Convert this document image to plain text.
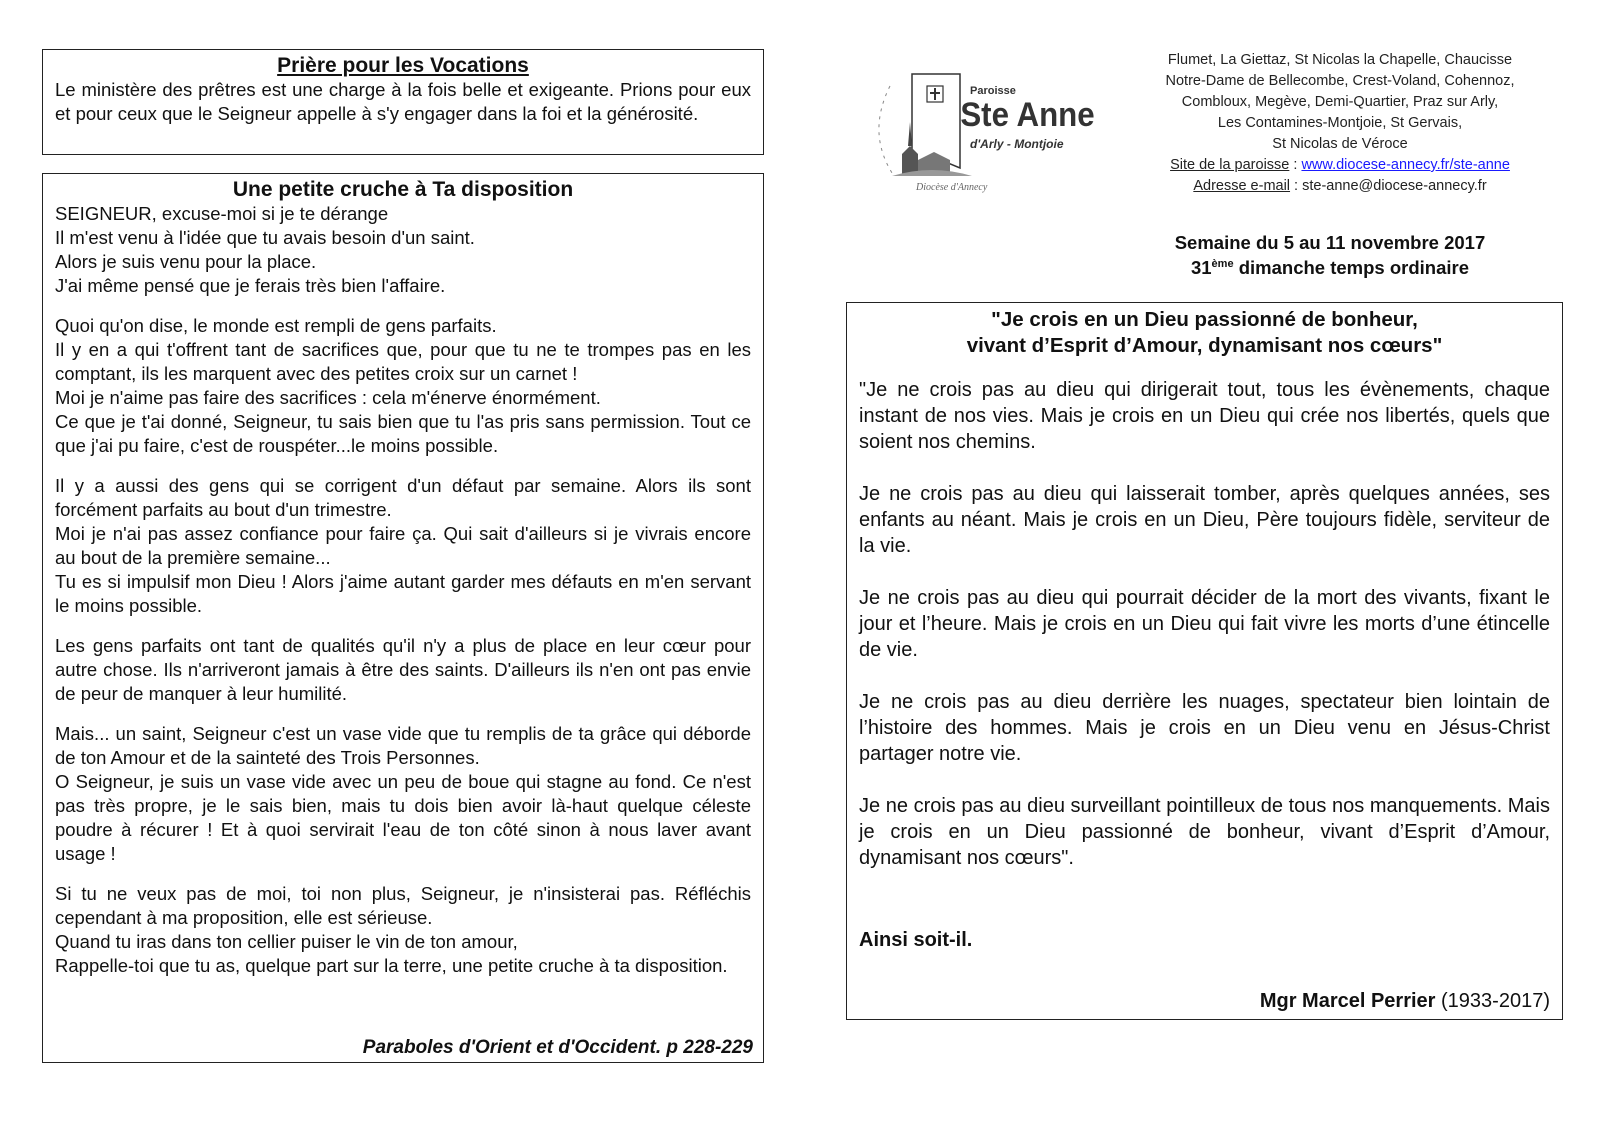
Prière pour les Vocations
Le ministère des prêtres est une charge à la fois belle et exigeante. Prions pour eux et pour ceux que le Seigneur appelle à s'y engager dans la foi et la générosité.
Une petite cruche à Ta disposition
SEIGNEUR, excuse-moi si je te dérange
Il m'est venu à l'idée que tu avais besoin d'un saint.
Alors je suis venu pour la place.
J'ai même pensé que je ferais très bien l'affaire.
Quoi qu'on dise, le monde est rempli de gens parfaits.
Il y en a qui t'offrent tant de sacrifices que, pour que tu ne te trompes pas en les comptant, ils les marquent avec des petites croix sur un carnet !
Moi je n'aime pas faire des sacrifices : cela m'énerve énormément.
Ce que je t'ai donné, Seigneur, tu sais bien que tu l'as pris sans permission. Tout ce que j'ai pu faire, c'est de rouspéter...le moins possible.
Il y a aussi des gens qui se corrigent d'un défaut par semaine. Alors ils sont forcément parfaits au bout d'un trimestre.
Moi je n'ai pas assez confiance pour faire ça. Qui sait d'ailleurs si je vivrais encore au bout de la première semaine...
Tu es si impulsif mon Dieu ! Alors j'aime autant garder mes défauts en m'en servant le moins possible.
Les gens parfaits ont tant de qualités qu'il n'y a plus de place en leur cœur pour autre chose. Ils n'arriveront jamais à être des saints. D'ailleurs ils n'en ont pas envie de peur de manquer à leur humilité.
Mais... un saint, Seigneur c'est un vase vide que tu remplis de ta grâce qui déborde de ton Amour et de la sainteté des Trois Personnes.
O Seigneur, je suis un vase vide avec un peu de boue qui stagne au fond. Ce n'est pas très propre, je le sais bien, mais tu dois bien avoir là-haut quelque céleste poudre à récurer ! Et à quoi servirait l'eau de ton côté sinon à nous laver avant usage !
Si tu ne veux pas de moi, toi non plus, Seigneur, je n'insisterai pas. Réfléchis cependant à ma proposition, elle est sérieuse.
Quand tu iras dans ton cellier puiser le vin de ton amour,
Rappelle-toi que tu as, quelque part sur la terre, une petite cruche à ta disposition.
Paraboles d'Orient et d'Occident. p 228-229
Diocèse d'Annecy
Paroisse
Ste Anne
d'Arly - Montjoie
Flumet, La Giettaz, St Nicolas la Chapelle, Chaucisse
Notre-Dame de Bellecombe, Crest-Voland, Cohennoz,
Combloux, Megève, Demi-Quartier, Praz sur Arly,
Les Contamines-Montjoie, St Gervais,
St Nicolas de Véroce
Site de la paroisse : www.diocese-annecy.fr/ste-anne
Adresse e-mail : ste-anne@diocese-annecy.fr
Semaine du 5 au 11 novembre 2017
31ème dimanche temps ordinaire
"Je crois en un Dieu passionné de bonheur,
vivant d’Esprit d’Amour, dynamisant nos cœurs"
"Je ne crois pas au dieu qui dirigerait tout, tous les évènements, chaque instant de nos vies. Mais je crois en un Dieu qui crée nos libertés, quels que soient nos chemins.
Je ne crois pas au dieu qui laisserait tomber, après quelques années, ses enfants au néant. Mais je crois en un Dieu, Père toujours fidèle, serviteur de la vie.
Je ne crois pas au dieu qui pourrait décider de la mort des vivants, fixant le jour et l’heure. Mais je crois en un Dieu qui fait vivre les morts d’une étincelle de vie.
Je ne crois pas au dieu derrière les nuages, spectateur bien lointain de l’histoire des hommes. Mais je crois en un Dieu venu en Jésus-Christ partager notre vie.
Je ne crois pas au dieu surveillant pointilleux de tous nos manquements. Mais je crois en un Dieu passionné de bonheur, vivant d’Esprit d’Amour, dynamisant nos cœurs".
Ainsi soit-il.
Mgr Marcel Perrier (1933-2017)
